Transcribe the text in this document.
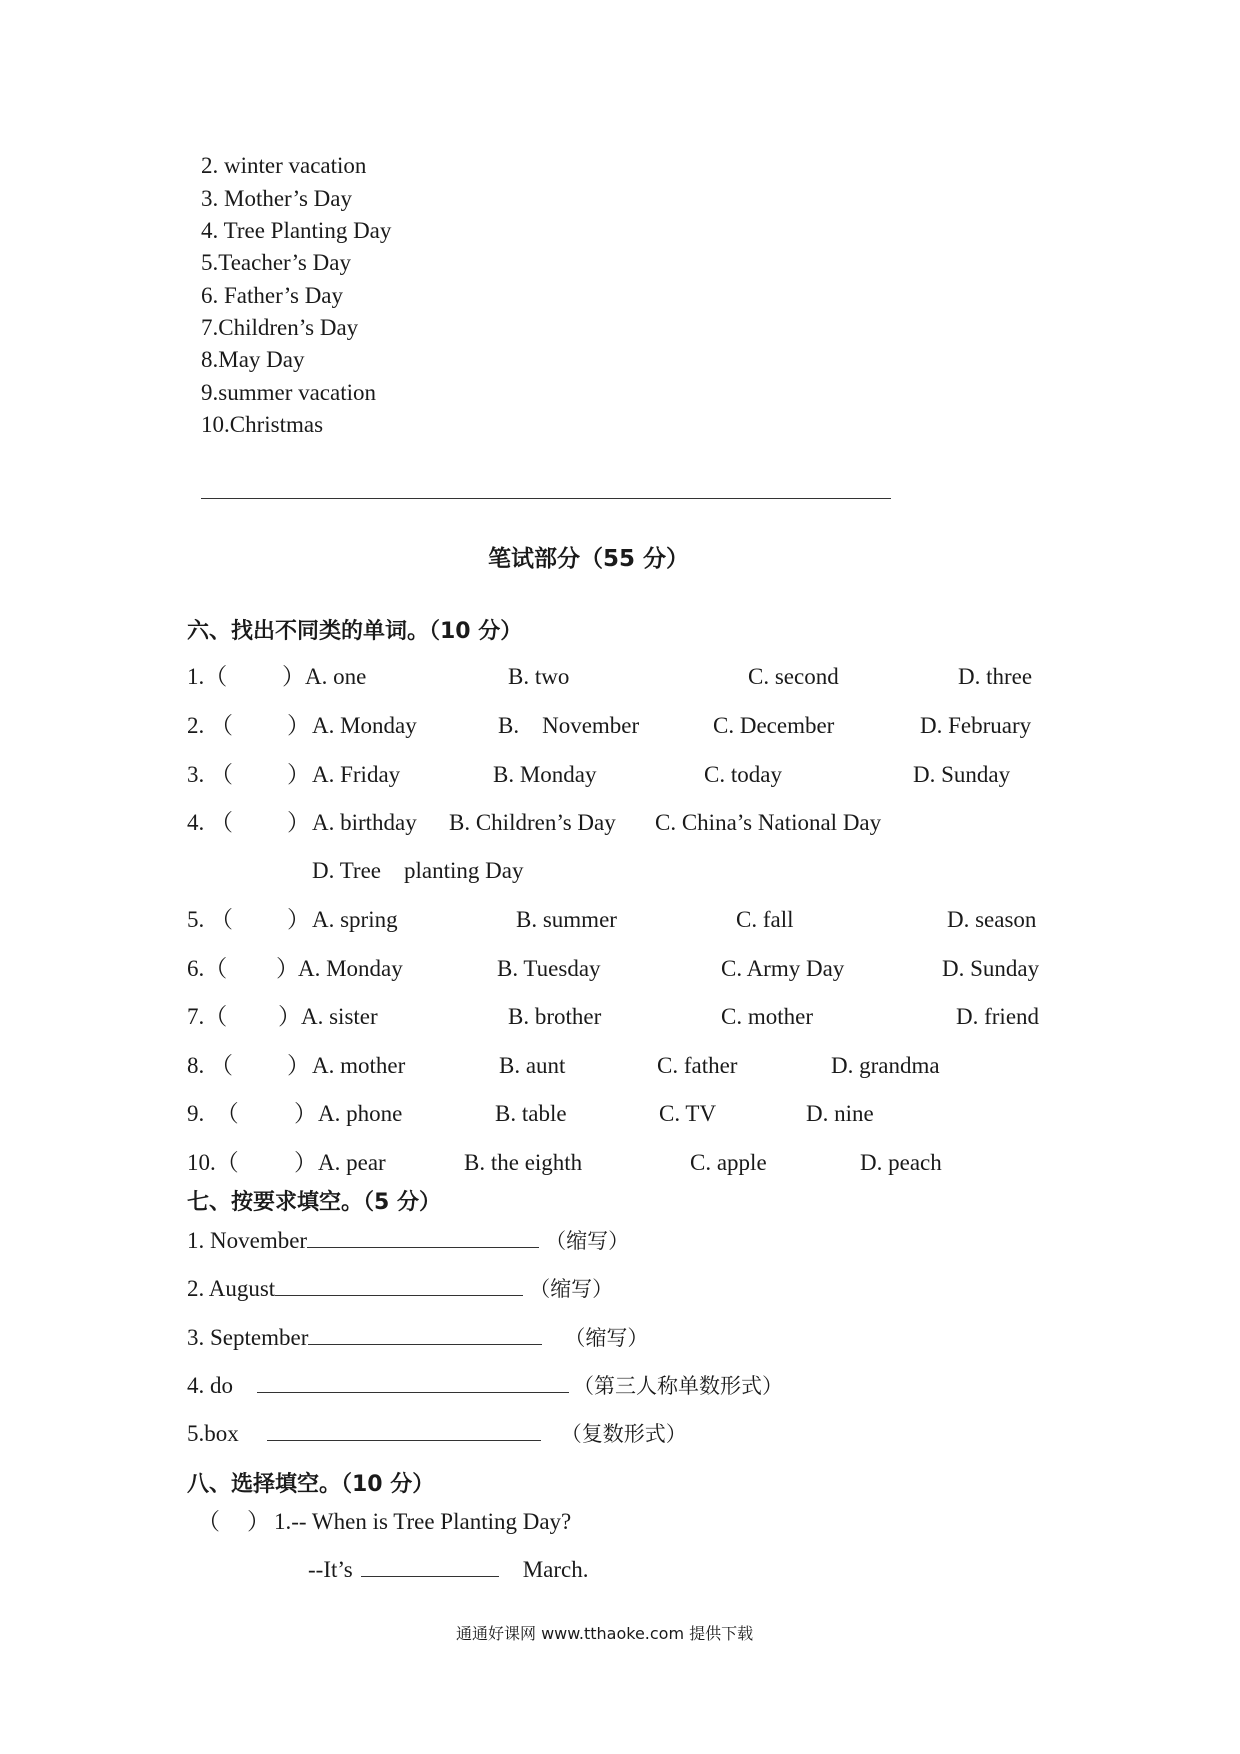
2. winter vacation
3. Mother’s Day
4. Tree Planting Day
5.Teacher’s Day
6. Father’s Day
7.Children’s Day
8.May Day
9.summer vacation
10.Christmas
笔试部分（55 分）
六、找出不同类的单词。（10 分）
1.（ ） A. one	B. two	C. second	D. three
2. （ ） A. Monday	B.    November	C. December	D. February
3. （ ） A. Friday	B. Monday	C. today	D. Sunday
4. （ ） A. birthday B. Children’s Day C. China’s National Day
D. Tree    planting Day
5. （ ） A. spring	B. summer	C. fall	D. season
6.（ ） A. Monday	B. Tuesday	C. Army Day	D. Sunday
7.（ ） A. sister	B. brother	C. mother	D. friend
8. （ ） A. mother	B. aunt	C. father	D. grandma
9.  （ ） A. phone	B. table	C. TV	D. nine
10.（ ） A. pear	B. the eighth	C. apple	D. peach
七、按要求填空。（5 分）
1. November	（缩写）
2. August	（缩写）
3. September	（缩写）
4. do	（第三人称单数形式）
5.box	（复数形式）
八、选择填空。（10 分）
（ ） 1.-- When is Tree Planting Day?
--It’s	March.
通通好课网 www.tthaoke.com 提供下载
